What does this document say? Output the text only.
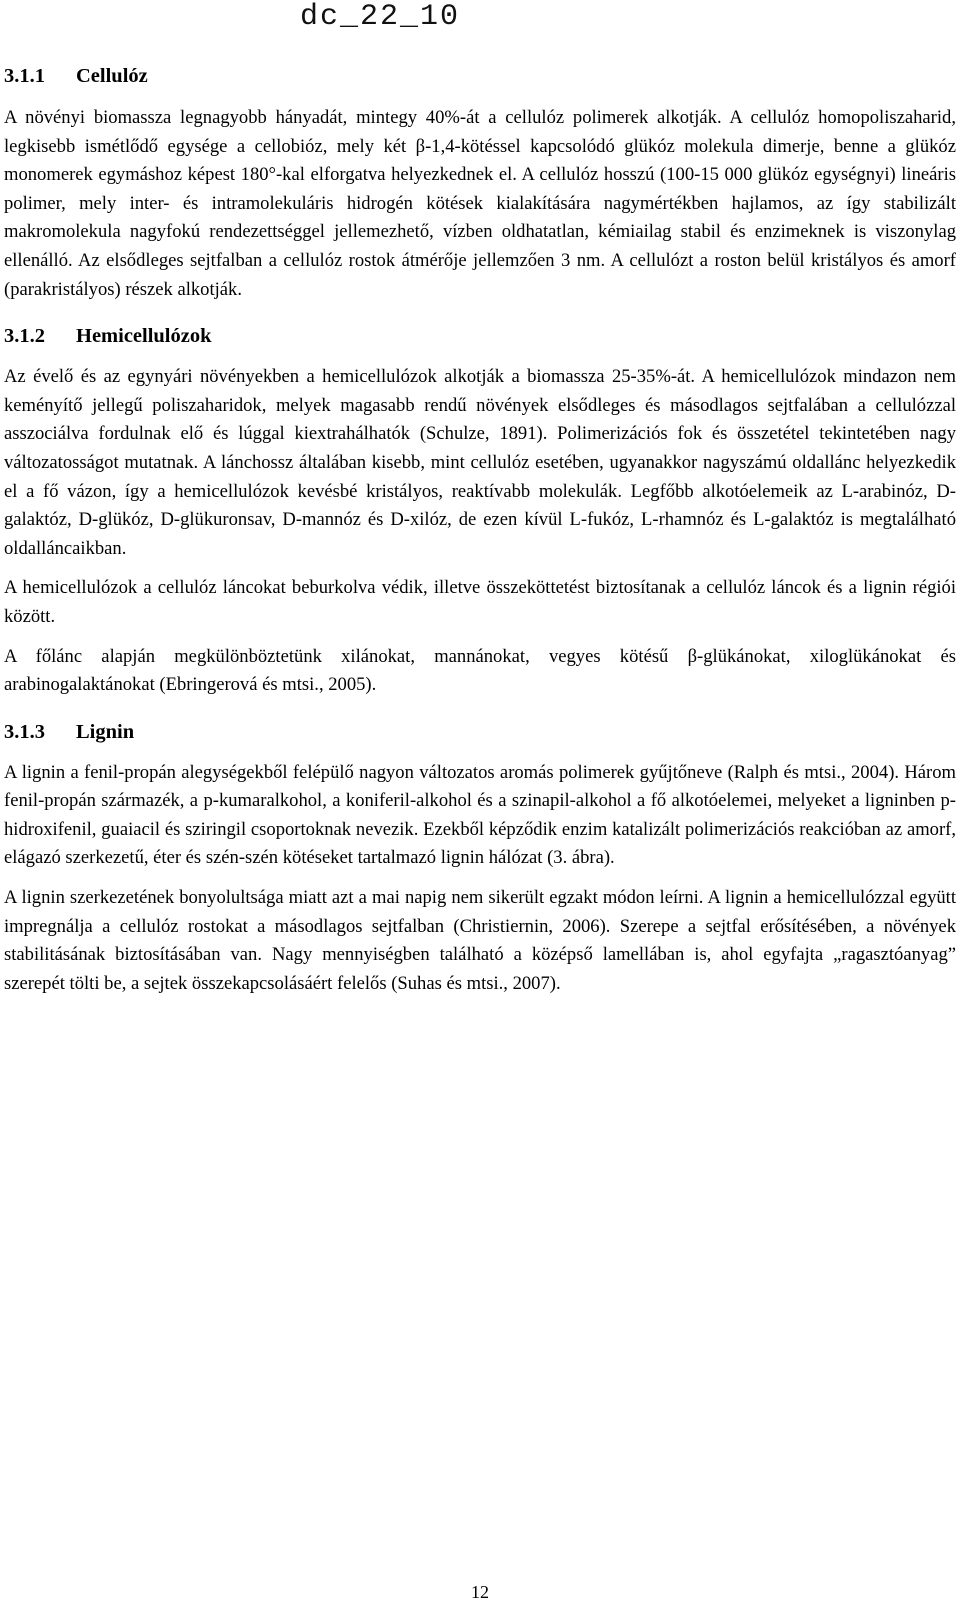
dc_22_10
3.1.1	Cellulóz

A növényi biomassza legnagyobb hányadát, mintegy 40%-át a cellulóz polimerek alkotják. A cellulóz homopoliszaharid, legkisebb ismétlődő egysége a cellobióz, mely két β-1,4-kötéssel kapcsolódó glükóz molekula dimerje, benne a glükóz monomerek egymáshoz képest 180°-kal elforgatva helyezkednek el. A cellulóz hosszú (100-15 000 glükóz egységnyi) lineáris polimer, mely inter- és intramolekuláris hidrogén kötések kialakítására nagymértékben hajlamos, az így stabilizált makromolekula nagyfokú rendezettséggel jellemezhető, vízben oldhatatlan, kémiailag stabil és enzimeknek is viszonylag ellenálló. Az elsődleges sejtfalban a cellulóz rostok átmérője jellemzően 3 nm. A cellulózt a roston belül kristályos és amorf (parakristályos) részek alkotják.

3.1.2	Hemicellulózok

Az évelő és az egynyári növényekben a hemicellulózok alkotják a biomassza 25-35%-át. A hemicellulózok mindazon nem keményítő jellegű poliszaharidok, melyek magasabb rendű növények elsődleges és másodlagos sejtfalában a cellulózzal asszociálva fordulnak elő és lúggal kiextrahálhatók (Schulze, 1891). Polimerizációs fok és összetétel tekintetében nagy változatosságot mutatnak. A lánchossz általában kisebb, mint cellulóz esetében, ugyanakkor nagyszámú oldallánc helyezkedik el a fő vázon, így a hemicellulózok kevésbé kristályos, reaktívabb molekulák. Legfőbb alkotóelemeik az L-arabinóz, D-galaktóz, D-glükóz, D-glükuronsav, D-mannóz és D-xilóz, de ezen kívül L-fukóz, L-rhamnóz és L-galaktóz is megtalálható oldalláncaikban.

A hemicellulózok a cellulóz láncokat beburkolva védik, illetve összeköttetést biztosítanak a cellulóz láncok és a lignin régiói között.

A főlánc alapján megkülönböztetünk xilánokat, mannánokat, vegyes kötésű β-glükánokat, xiloglükánokat és arabinogalaktánokat (Ebringerová és mtsi., 2005).

3.1.3	Lignin

A lignin a fenil-propán alegységekből felépülő nagyon változatos aromás polimerek gyűjtőneve (Ralph és mtsi., 2004). Három fenil-propán származék, a p-kumaralkohol, a koniferil-alkohol és a szinapil-alkohol a fő alkotóelemei, melyeket a ligninben p-hidroxifenil, guaiacil és sziringil csoportoknak nevezik. Ezekből képződik enzim katalizált polimerizációs reakcióban az amorf, elágazó szerkezetű, éter és szén-szén kötéseket tartalmazó lignin hálózat (3. ábra).

A lignin szerkezetének bonyolultsága miatt azt a mai napig nem sikerült egzakt módon leírni. A lignin a hemicellulózzal együtt impregnálja a cellulóz rostokat a másodlagos sejtfalban (Christiernin, 2006). Szerepe a sejtfal erősítésében, a növények stabilitásának biztosításában van. Nagy mennyiségben található a középső lamellában is, ahol egyfajta „ragasztóanyag” szerepét tölti be, a sejtek összekapcsolásáért felelős (Suhas és mtsi., 2007).

12
